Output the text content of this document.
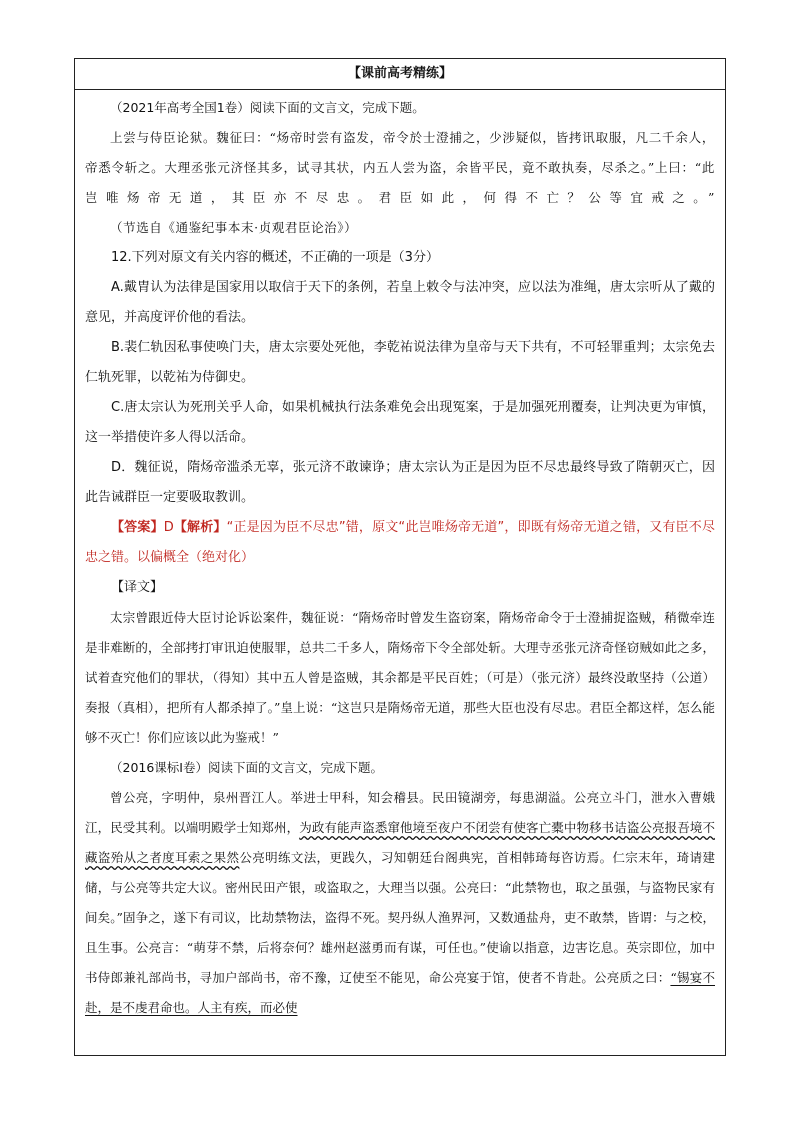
【课前高考精练】

（2021年高考全国1卷）阅读下面的文言文，完成下题。

上尝与侍臣论狱。魏征曰：“炀帝时尝有盗发，帝令於士澄捕之，少涉疑似，皆拷讯取服，凡二千余人，帝悉令斩之。大理丞张元济怪其多，试寻其状，内五人尝为盗，余皆平民，竟不敢执奏，尽杀之。”上曰：“此岂唯炀帝无道，其臣亦不尽忠。君臣如此，何得不亡？公等宜戒之。”（节选自《通鉴纪事本末·贞观君臣论治》）

12.下列对原文有关内容的概述，不正确的一项是（3分）

A.戴胄认为法律是国家用以取信于天下的条例，若皇上敕令与法冲突，应以法为准绳，唐太宗听从了戴的意见，并高度评价他的看法。

B.裴仁轨因私事使唤门夫，唐太宗要处死他，李乾祐说法律为皇帝与天下共有，不可轻罪重判；太宗免去仁轨死罪，以乾祐为侍御史。

C.唐太宗认为死刑关乎人命，如果机械执行法条难免会出现冤案，于是加强死刑覆奏，让判决更为审慎，这一举措使许多人得以活命。

D．魏征说，隋炀帝滥杀无辜，张元济不敢谏诤；唐太宗认为正是因为臣不尽忠最终导致了隋朝灭亡，因此告诫群臣一定要吸取教训。

【答案】D【解析】“正是因为臣不尽忠”错，原文“此岂唯炀帝无道”，即既有炀帝无道之错，又有臣不尽忠之错。以偏概全（绝对化）

【译文】

太宗曾跟近侍大臣讨论诉讼案件，魏征说：“隋炀帝时曾发生盗窃案，隋炀帝命令于士澄捕捉盗贼，稍微牵连是非难断的，全部拷打审讯迫使服罪，总共二千多人，隋炀帝下令全部处斩。大理寺丞张元济奇怪窃贼如此之多，试着查究他们的罪状，（得知）其中五人曾是盗贼，其余都是平民百姓；（可是）（张元济）最终没敢坚持（公道）奏报（真相），把所有人都杀掉了。”皇上说：“这岂只是隋炀帝无道，那些大臣也没有尽忠。君臣全都这样，怎么能够不灭亡！你们应该以此为鉴戒！”

（2016课标Ⅰ卷）阅读下面的文言文，完成下题。

曾公亮，字明仲，泉州晋江人。举进士甲科，知会稽县。民田镜湖旁，每患湖溢。公亮立斗门，泄水入曹娥江，民受其利。以端明殿学士知郑州，为政有能声盗悉窜他境至夜户不闭尝有使客亡橐中物移书诘盗公亮报吾境不藏盗殆从之者度耳索之果然公亮明练文法，更践久，习知朝廷台阁典宪，首相韩琦每咨访焉。仁宗末年，琦请建储，与公亮等共定大议。密州民田产银，或盗取之，大理当以强。公亮曰：“此禁物也，取之虽强，与盗物民家有间矣。”固争之，遂下有司议，比劫禁物法，盗得不死。契丹纵人渔界河，又数通盐舟，吏不敢禁，皆谓：与之校，且生事。公亮言：“萌芽不禁，后将奈何？雄州赵滋勇而有谋，可任也。”使谕以指意，边害讫息。英宗即位，加中书侍郎兼礼部尚书，寻加户部尚书，帝不豫，辽使至不能见，命公亮宴于馆，使者不肯赴。公亮质之曰：“锡宴不赴，是不虔君命也。人主有疾，而必使
